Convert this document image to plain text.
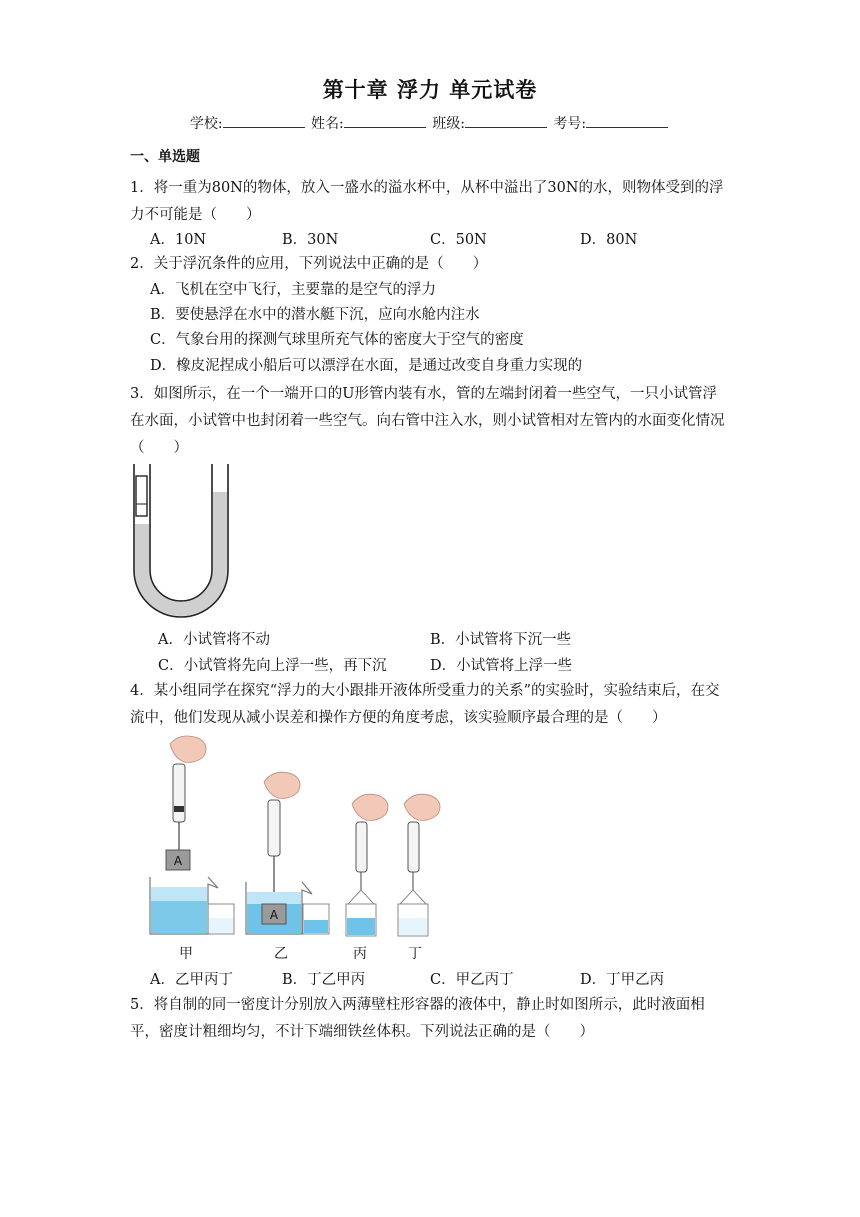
第十章 浮力 单元试卷
学校:	姓名:	班级:	考号:
一、单选题

1．将一重为80N的物体，放入一盛水的溢水杯中，从杯中溢出了30N的水，则物体受到的浮力不可能是（　　）

A．10N	B．30N	C．50N	D．80N

2．关于浮沉条件的应用，下列说法中正确的是（　　）

A．飞机在空中飞行，主要靠的是空气的浮力
B．要使悬浮在水中的潜水艇下沉，应向水舱内注水
C．气象台用的探测气球里所充气体的密度大于空气的密度
D．橡皮泥捏成小船后可以漂浮在水面，是通过改变自身重力实现的

3．如图所示，在一个一端开口的U形管内装有水，管的左端封闭着一些空气，一只小试管浮在水面，小试管中也封闭着一些空气。向右管中注入水，则小试管相对左管内的水面变化情况（　　）

A．小试管将不动	B．小试管将下沉一些
C．小试管将先向上浮一些，再下沉	D．小试管将上浮一些

4．某小组同学在探究“浮力的大小跟排开液体所受重力的关系”的实验时，实验结束后，在交流中，他们发现从减小误差和操作方便的角度考虑，该实验顺序最合理的是（　　）

A
A
甲	乙	丙	丁
A．乙甲丙丁	B．丁乙甲丙	C．甲乙丙丁	D．丁甲乙丙

5．将自制的同一密度计分别放入两薄壁柱形容器的液体中，静止时如图所示，此时液面相平，密度计粗细均匀，不计下端细铁丝体积。下列说法正确的是（　　）
